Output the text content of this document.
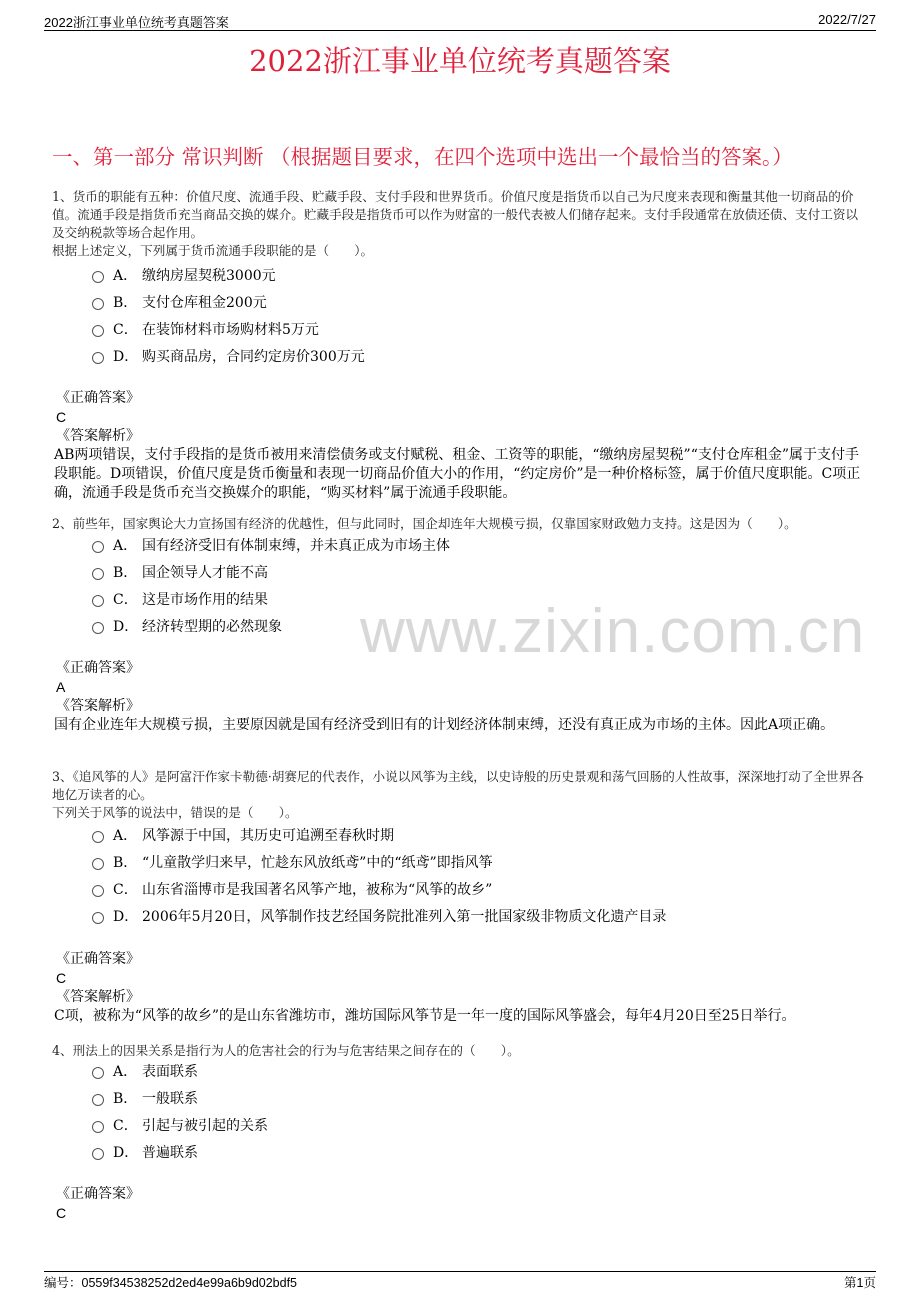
2022浙江事业单位统考真题答案	2022/7/27
2022浙江事业单位统考真题答案
一、第一部分 常识判断 （根据题目要求，在四个选项中选出一个最恰当的答案。）
www.zixin.com.cn
1、货币的职能有五种：价值尺度、流通手段、贮藏手段、支付手段和世界货币。价值尺度是指货币以自己为尺度来表现和衡量其他一切商品的价值。流通手段是指货币充当商品交换的媒介。贮藏手段是指货币可以作为财富的一般代表被人们储存起来。支付手段通常在放债还债、支付工资以及交纳税款等场合起作用。
根据上述定义，下列属于货币流通手段职能的是（　　）。
A． 缴纳房屋契税3000元
B． 支付仓库租金200元
C． 在装饰材料市场购材料5万元
D． 购买商品房，合同约定房价300万元
《正确答案》
C
《答案解析》
AB两项错误，支付手段指的是货币被用来清偿债务或支付赋税、租金、工资等的职能，“缴纳房屋契税”“支付仓库租金”属于支付手段职能。D项错误，价值尺度是货币衡量和表现一切商品价值大小的作用，“约定房价”是一种价格标签，属于价值尺度职能。C项正确，流通手段是货币充当交换媒介的职能，“购买材料”属于流通手段职能。
2、前些年，国家舆论大力宣扬国有经济的优越性，但与此同时，国企却连年大规模亏损，仅靠国家财政勉力支持。这是因为（　　）。
A． 国有经济受旧有体制束缚，并未真正成为市场主体
B． 国企领导人才能不高
C． 这是市场作用的结果
D． 经济转型期的必然现象
《正确答案》
A
《答案解析》
国有企业连年大规模亏损，主要原因就是国有经济受到旧有的计划经济体制束缚，还没有真正成为市场的主体。因此A项正确。
3、《追风筝的人》是阿富汗作家卡勒德·胡赛尼的代表作，小说以风筝为主线，以史诗般的历史景观和荡气回肠的人性故事，深深地打动了全世界各地亿万读者的心。
下列关于风筝的说法中，错误的是（　　）。
A． 风筝源于中国，其历史可追溯至春秋时期
B． “儿童散学归来早，忙趁东风放纸鸢”中的“纸鸢”即指风筝
C． 山东省淄博市是我国著名风筝产地，被称为“风筝的故乡”
D． 2006年5月20日，风筝制作技艺经国务院批准列入第一批国家级非物质文化遗产目录
《正确答案》
C
《答案解析》
C项，被称为“风筝的故乡”的是山东省潍坊市，潍坊国际风筝节是一年一度的国际风筝盛会，每年4月20日至25日举行。
4、刑法上的因果关系是指行为人的危害社会的行为与危害结果之间存在的（　　）。
A． 表面联系
B． 一般联系
C． 引起与被引起的关系
D． 普遍联系
《正确答案》
C
编号：0559f34538252d2ed4e99a6b9d02bdf5	第1页
